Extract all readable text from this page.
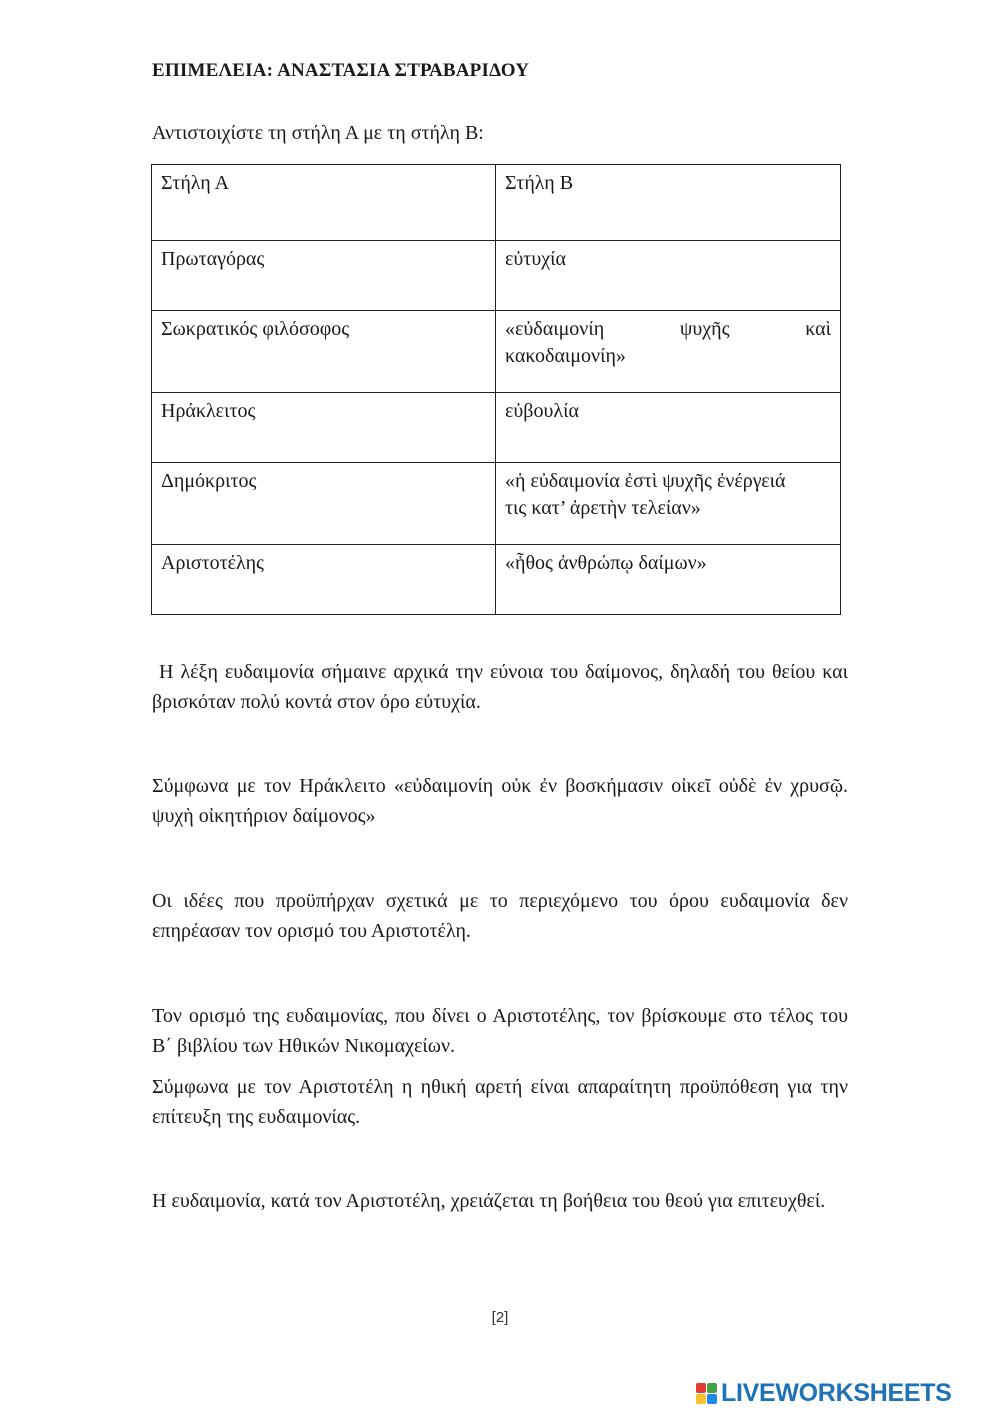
ΕΠΙΜΕΛΕΙΑ: ΑΝΑΣΤΑΣΙΑ ΣΤΡΑΒΑΡΙΔΟΥ
Αντιστοιχίστε τη στήλη Α με τη στήλη Β:
Στήλη Α	Στήλη Β
Πρωταγόρας	εὐτυχία
Σωκρατικός φιλόσοφος	«εὐδαιμονίη ψυχῆς καὶ
κακοδαιμονίη»

Ηράκλειτος	εὐβουλία
Δημόκριτος	«ἡ εὐδαιμονία ἐστὶ ψυχῆς ἐνέργειά
τις κατ’ ἀρετὴν τελείαν»

Αριστοτέλης	«ἦθος ἀνθρώπῳ δαίμων»

Η λέξη ευδαιμονία σήμαινε αρχικά την εύνοια του δαίμονος, δηλαδή του θείου και βρισκόταν πολύ κοντά στον όρο εὐτυχία.

Σύμφωνα με τον Ηράκλειτο «εὐδαιμονίη οὐκ ἐν βοσκήμασιν οἰκεῖ οὐδὲ ἐν χρυσῷ. ψυχὴ οἰκητήριον δαίμονος»

Οι ιδέες που προϋπήρχαν σχετικά με το περιεχόμενο του όρου ευδαιμονία δεν επηρέασαν τον ορισμό του Αριστοτέλη.

Τον ορισμό της ευδαιμονίας, που δίνει ο Αριστοτέλης, τον βρίσκουμε στο τέλος του Β΄ βιβλίου των Ηθικών Νικομαχείων.

Σύμφωνα με τον Αριστοτέλη η ηθική αρετή είναι απαραίτητη προϋπόθεση για την επίτευξη της ευδαιμονίας.

Η ευδαιμονία, κατά τον Αριστοτέλη, χρειάζεται τη βοήθεια του θεού για επιτευχθεί.

[2]
LIVEWORKSHEETS
